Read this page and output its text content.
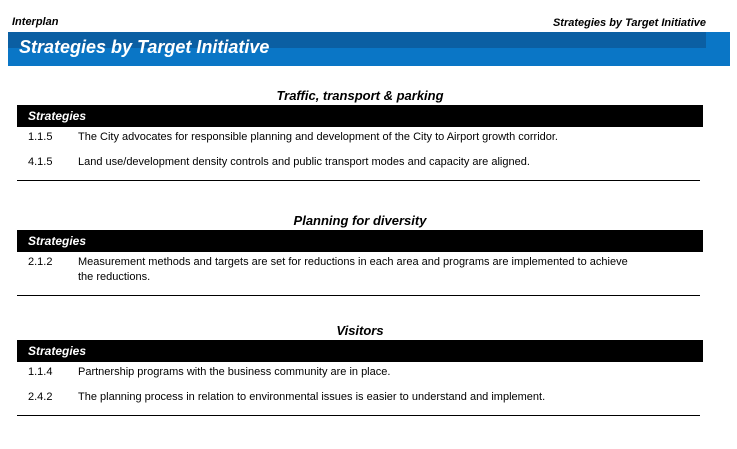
Interplan	Strategies by Target Initiative
Strategies by Target Initiative
Traffic, transport & parking
Strategies
1.1.5	The City advocates for responsible planning and development of the City to Airport growth corridor.
4.1.5	Land use/development density controls and public transport modes and capacity are aligned.
Planning for diversity
Strategies
2.1.2	Measurement methods and targets are set for reductions in each area and programs are implemented to achieve the reductions.
Visitors
Strategies
1.1.4	Partnership programs with the business community are in place.
2.4.2	The planning process in relation to environmental issues is easier to understand and implement.
